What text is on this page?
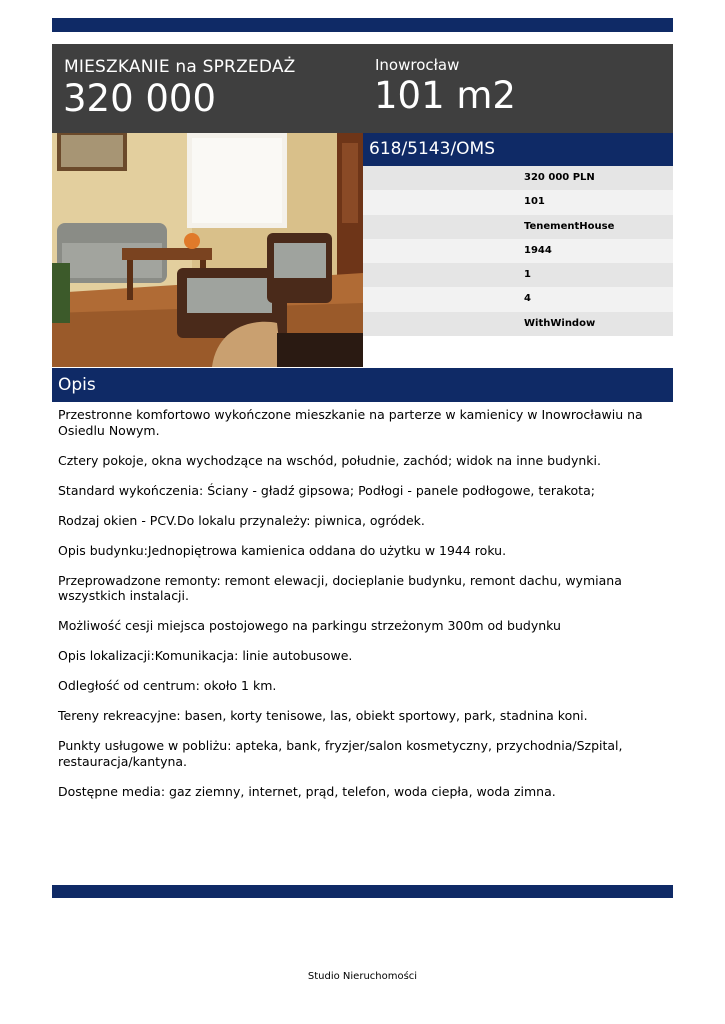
MIESZKANIE na SPRZEDAŻ
320 000
Inowrocław
101 m2
618/5143/OMS
320 000 PLN
101
TenementHouse
1944
1
4
WithWindow
Opis

Przestronne komfortowo wykończone mieszkanie na parterze w kamienicy w Inowrocławiu na Osiedlu Nowym.

Cztery pokoje, okna wychodzące na wschód, południe, zachód; widok na inne budynki.

Standard wykończenia: Ściany - gładź gipsowa; Podłogi - panele podłogowe, terakota;

Rodzaj okien - PCV.Do lokalu przynależy: piwnica, ogródek.

Opis budynku:Jednopiętrowa kamienica oddana do użytku w 1944 roku.

Przeprowadzone remonty: remont elewacji, docieplanie budynku, remont dachu, wymiana wszystkich instalacji.

Możliwość cesji miejsca postojowego na parkingu strzeżonym 300m od budynku

Opis lokalizacji:Komunikacja: linie autobusowe.

Odległość od centrum: około 1 km.

Tereny rekreacyjne: basen, korty tenisowe, las, obiekt sportowy, park, stadnina koni.

Punkty usługowe w pobliżu: apteka, bank, fryzjer/salon kosmetyczny, przychodnia/Szpital, restauracja/kantyna.

Dostępne media: gaz ziemny, internet, prąd, telefon, woda ciepła, woda zimna.

Studio Nieruchomości
